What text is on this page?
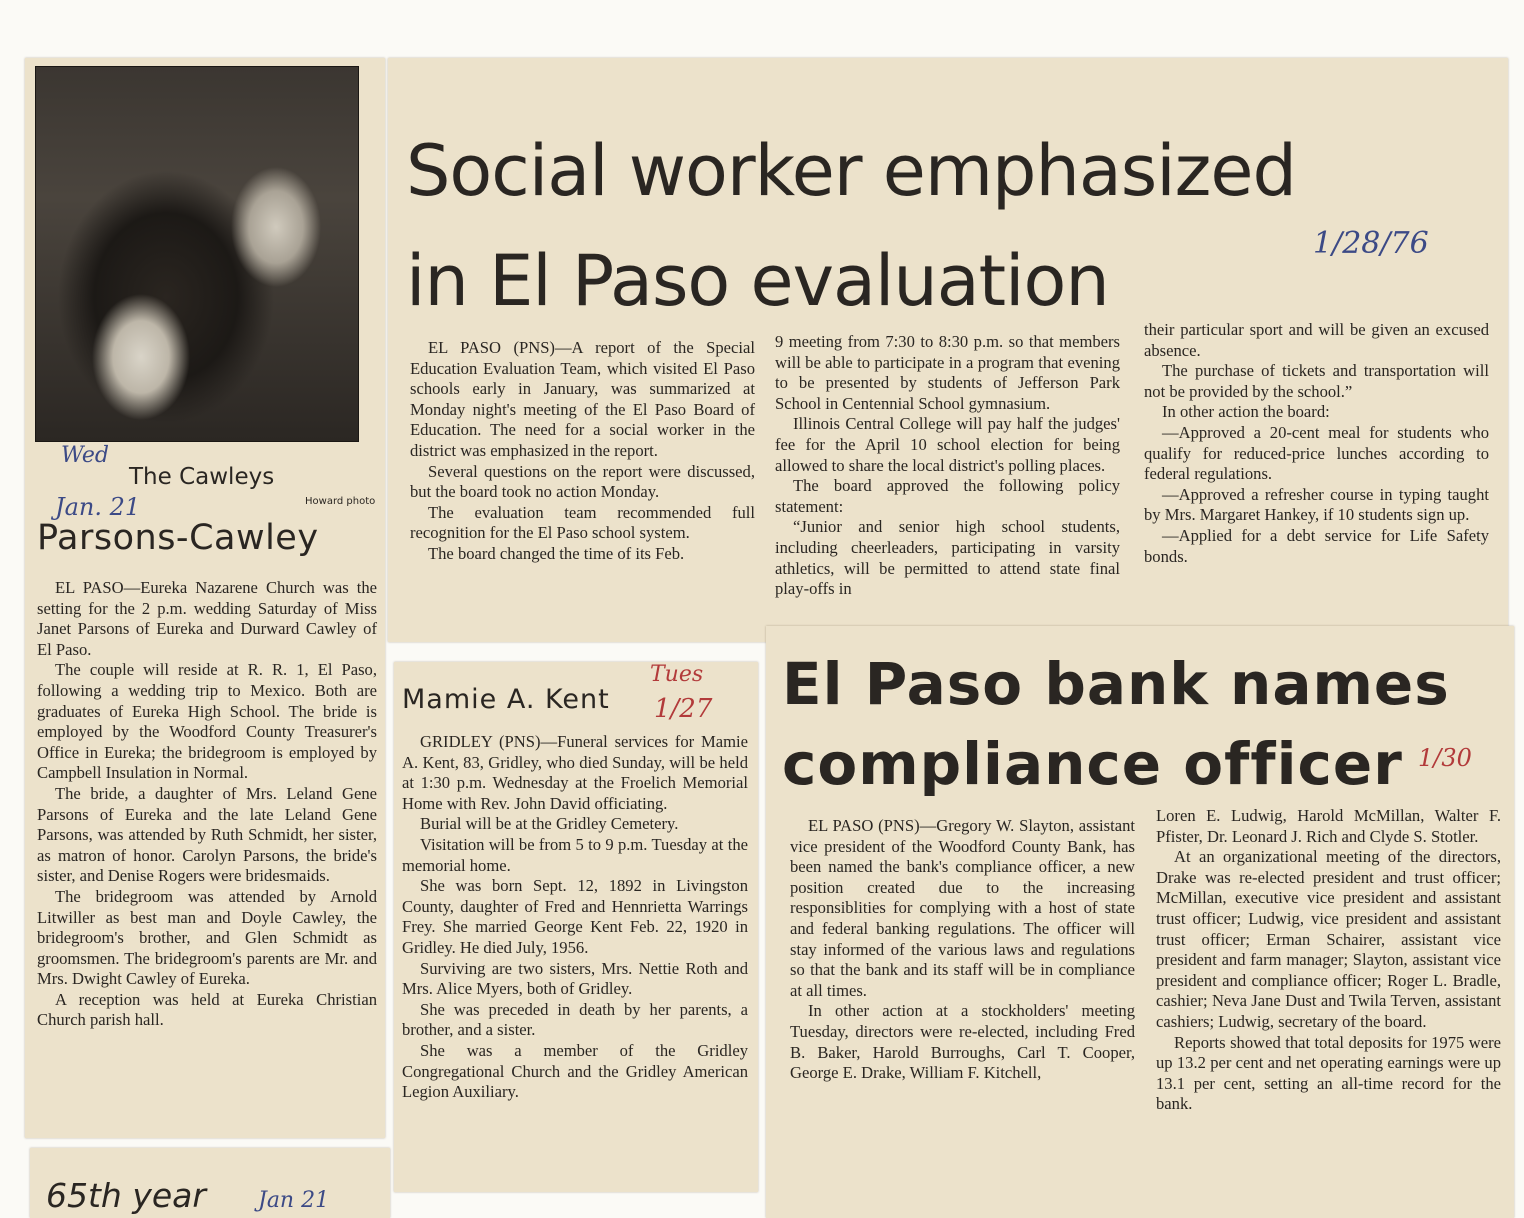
Wed
The Cawleys
Jan. 21	Howard photo
Parsons-Cawley

EL PASO—Eureka Nazarene Church was the setting for the 2 p.m. wedding Saturday of Miss Janet Parsons of Eureka and Durward Cawley of El Paso.

The couple will reside at R. R. 1, El Paso, following a wedding trip to Mexico. Both are graduates of Eureka High School. The bride is employed by the Woodford County Treasurer's Office in Eureka; the bridegroom is employed by Campbell Insulation in Normal.

The bride, a daughter of Mrs. Leland Gene Parsons of Eureka and the late Leland Gene Parsons, was attended by Ruth Schmidt, her sister, as matron of honor. Carolyn Parsons, the bride's sister, and Denise Rogers were bridesmaids.

The bridegroom was attended by Arnold Litwiller as best man and Doyle Cawley, the bridegroom's brother, and Glen Schmidt as groomsmen. The bridegroom's parents are Mr. and Mrs. Dwight Cawley of Eureka.

A reception was held at Eureka Christian Church parish hall.

65th year Jan 21
Social worker emphasized
in El Paso evaluation	1/28/76

EL PASO (PNS)—A report of the Special Education Evaluation Team, which visited El Paso schools early in January, was summarized at Monday night's meeting of the El Paso Board of Education. The need for a social worker in the district was emphasized in the report.

Several questions on the report were discussed, but the board took no action Monday.

The evaluation team recommended full recognition for the El Paso school system.

The board changed the time of its Feb.

9 meeting from 7:30 to 8:30 p.m. so that members will be able to participate in a program that evening to be presented by students of Jefferson Park School in Centennial School gymnasium.

Illinois Central College will pay half the judges' fee for the April 10 school election for being allowed to share the local district's polling places.

The board approved the following policy statement:

“Junior and senior high school students, including cheerleaders, participating in varsity athletics, will be permitted to attend state final play-offs in

their particular sport and will be given an excused absence.

The purchase of tickets and transportation will not be provided by the school.”

In other action the board:

—Approved a 20-cent meal for students who qualify for reduced-price lunches according to federal regulations.

—Approved a refresher course in typing taught by Mrs. Margaret Hankey, if 10 students sign up.

—Applied for a debt service for Life Safety bonds.

Mamie A. Kent
Tues
1/27

GRIDLEY (PNS)—Funeral services for Mamie A. Kent, 83, Gridley, who died Sunday, will be held at 1:30 p.m. Wednesday at the Froelich Memorial Home with Rev. John David officiating.

Burial will be at the Gridley Cemetery.

Visitation will be from 5 to 9 p.m. Tuesday at the memorial home.

She was born Sept. 12, 1892 in Livingston County, daughter of Fred and Hennrietta Warrings Frey. She married George Kent Feb. 22, 1920 in Gridley. He died July, 1956.

Surviving are two sisters, Mrs. Nettie Roth and Mrs. Alice Myers, both of Gridley.

She was preceded in death by her parents, a brother, and a sister.

She was a member of the Gridley Congregational Church and the Gridley American Legion Auxiliary.

El Paso bank names
compliance officer 1/30

EL PASO (PNS)—Gregory W. Slayton, assistant vice president of the Woodford County Bank, has been named the bank's compliance officer, a new position created due to the increasing responsiblities for complying with a host of state and federal banking regulations. The officer will stay informed of the various laws and regulations so that the bank and its staff will be in compliance at all times.

In other action at a stockholders' meeting Tuesday, directors were re-elected, including Fred B. Baker, Harold Burroughs, Carl T. Cooper, George E. Drake, William F. Kitchell,

Loren E. Ludwig, Harold McMillan, Walter F. Pfister, Dr. Leonard J. Rich and Clyde S. Stotler.

At an organizational meeting of the directors, Drake was re-elected president and trust officer; McMillan, executive vice president and assistant trust officer; Ludwig, vice president and assistant trust officer; Erman Schairer, assistant vice president and farm manager; Slayton, assistant vice president and compliance officer; Roger L. Bradle, cashier; Neva Jane Dust and Twila Terven, assistant cashiers; Ludwig, secretary of the board.

Reports showed that total deposits for 1975 were up 13.2 per cent and net operating earnings were up 13.1 per cent, setting an all-time record for the bank.
